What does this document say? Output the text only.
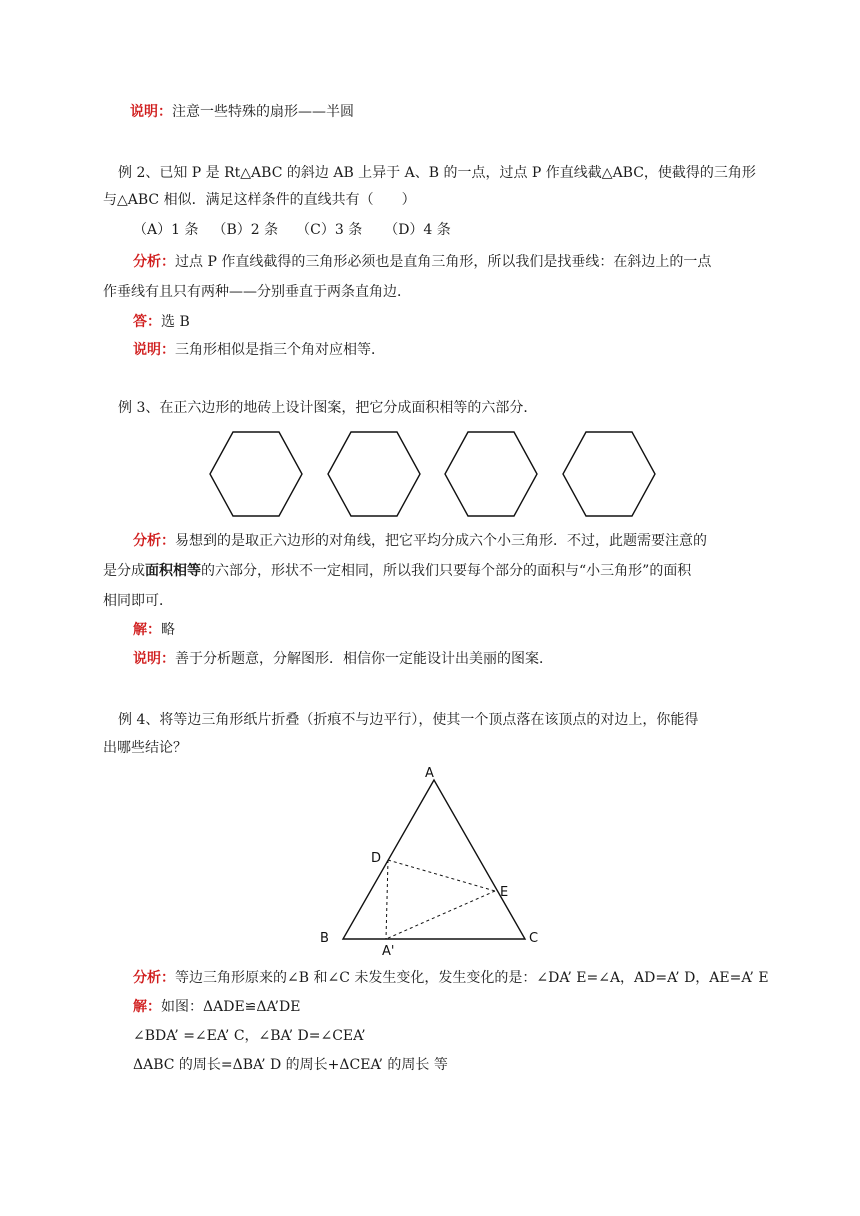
说明：注意一些特殊的扇形——半圆
例 2、已知 P 是 Rt△ABC 的斜边 AB 上异于 A、B 的一点，过点 P 作直线截△ABC，使截得的三角形
与△ABC 相似．满足这样条件的直线共有（　　）
（A）1 条 （B）2 条 （C）3 条 （D）4 条
分析：过点 P 作直线截得的三角形必须也是直角三角形，所以我们是找垂线：在斜边上的一点
作垂线有且只有两种——分别垂直于两条直角边．
答：选 B
说明：三角形相似是指三个角对应相等．
例 3、在正六边形的地砖上设计图案，把它分成面积相等的六部分．
分析：易想到的是取正六边形的对角线，把它平均分成六个小三角形．不过，此题需要注意的
是分成面积相等的六部分，形状不一定相同，所以我们只要每个部分的面积与“小三角形”的面积
相同即可．
解：略
说明：善于分析题意，分解图形．相信你一定能设计出美丽的图案．
例 4、将等边三角形纸片折叠（折痕不与边平行），使其一个顶点落在该顶点的对边上，你能得
出哪些结论？
A
D
E
B	C
A'
分析：等边三角形原来的∠B 和∠C 未发生变化，发生变化的是：∠DA’ E=∠A，AD=A’ D，AE=A’ E
解：如图：ΔADE≌ΔA’DE
∠BDA’ =∠EA’ C，∠BA’ D=∠CEA’
ΔABC 的周长=ΔBA’ D 的周长+ΔCEA’ 的周长 等
